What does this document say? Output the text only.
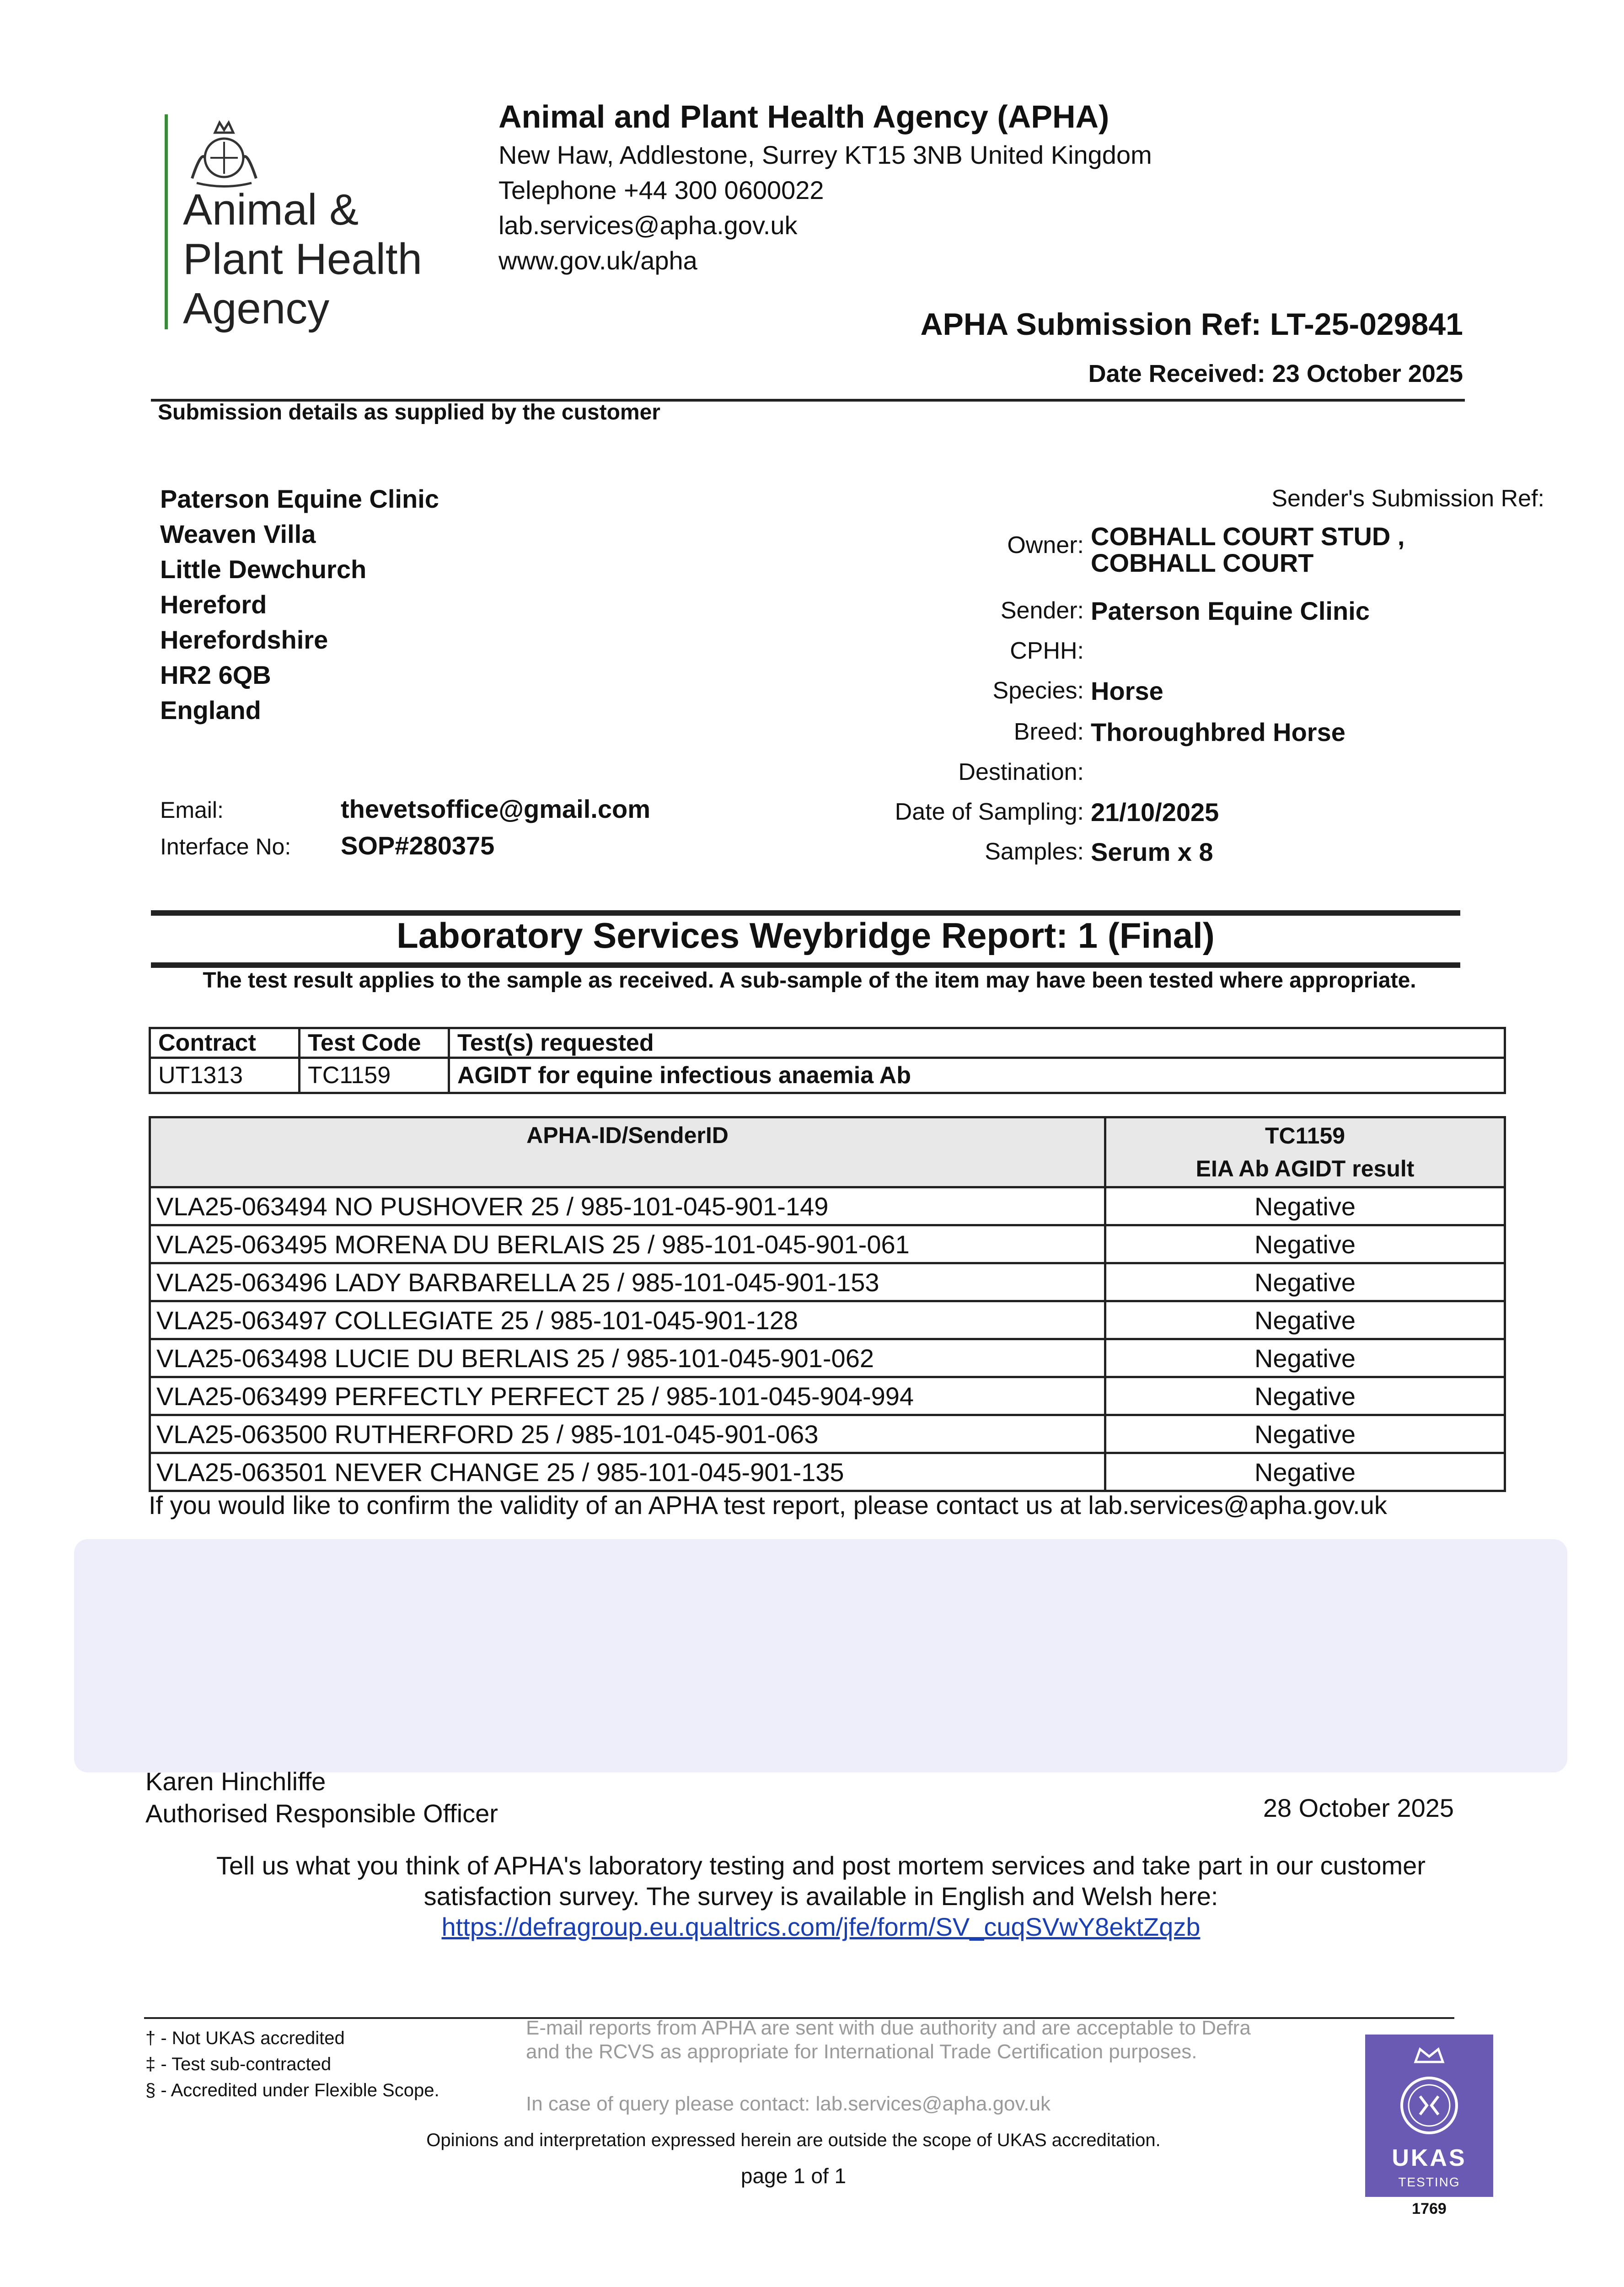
Animal &
Plant Health
Agency
Animal and Plant Health Agency (APHA)
New Haw, Addlestone, Surrey KT15 3NB United Kingdom
Telephone +44 300 0600022
lab.services@apha.gov.uk
www.gov.uk/apha
APHA Submission Ref: LT-25-029841
Date Received: 23 October 2025
Submission details as supplied by the customer
Paterson Equine Clinic
Weaven Villa
Little Dewchurch
Hereford
Herefordshire
HR2 6QB
England
Email:	thevetsoffice@gmail.com
Interface No: SOP#280375
Sender's Submission Ref:
Owner: COBHALL COURT STUD ,
COBHALL COURT
Sender: Paterson Equine Clinic
CPHH:
Species: Horse
Breed: Thoroughbred Horse
Destination:
Date of Sampling: 21/10/2025
Samples: Serum x 8
Laboratory Services Weybridge Report: 1 (Final)
The test result applies to the sample as received. A sub-sample of the item may have been tested where appropriate.
Contract	Test Code	Test(s) requested
UT1313	TC1159	AGIDT for equine infectious anaemia Ab
APHA-ID/SenderID	TC1159
EIA Ab AGIDT result

VLA25-063494 NO PUSHOVER 25 / 985-101-045-901-149	Negative
VLA25-063495 MORENA DU BERLAIS 25 / 985-101-045-901-061	Negative
VLA25-063496 LADY BARBARELLA 25 / 985-101-045-901-153	Negative
VLA25-063497 COLLEGIATE 25 / 985-101-045-901-128	Negative
VLA25-063498 LUCIE DU BERLAIS 25 / 985-101-045-901-062	Negative
VLA25-063499 PERFECTLY PERFECT 25 / 985-101-045-904-994	Negative
VLA25-063500 RUTHERFORD 25 / 985-101-045-901-063	Negative
VLA25-063501 NEVER CHANGE 25 / 985-101-045-901-135	Negative
If you would like to confirm the validity of an APHA test report, please contact us at lab.services@apha.gov.uk
Karen Hinchliffe
Authorised Responsible Officer	28 October 2025
Tell us what you think of APHA's laboratory testing and post mortem services and take part in our customer satisfaction survey. The survey is available in English and Welsh here:
https://defragroup.eu.qualtrics.com/jfe/form/SV_cuqSVwY8ektZqzb
† - Not UKAS accredited
‡ - Test sub-contracted
§ - Accredited under Flexible Scope.
E-mail reports from APHA are sent with due authority and are acceptable to Defra and the RCVS as appropriate for International Trade Certification purposes.
In case of query please contact: lab.services@apha.gov.uk
Opinions and interpretation expressed herein are outside the scope of UKAS accreditation.
page 1 of 1
UKAS
TESTING
1769
